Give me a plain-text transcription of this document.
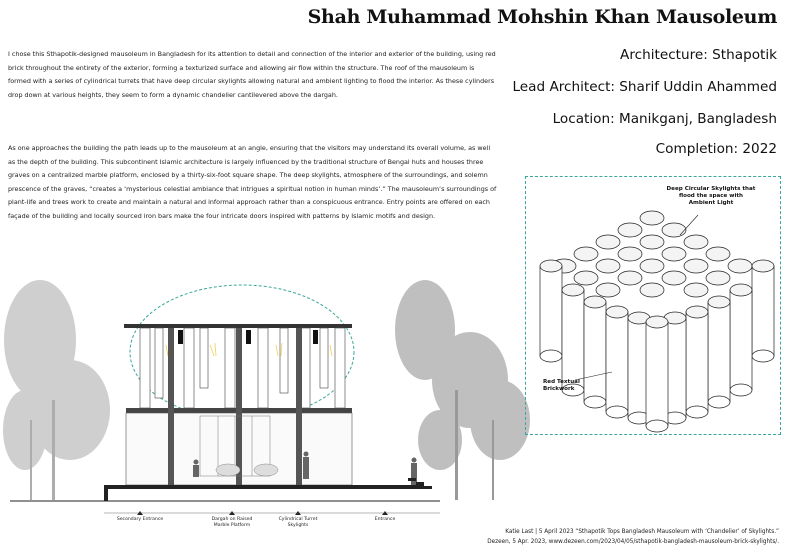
Shah Muhammad Mohshin Khan Mausoleum
I chose this Sthapotik-designed mausoleum in Bangladesh for its attention to detail and connection of the interior and exterior of the building, using red brick throughout the entirety of the exterior, forming a texturized surface and allowing air flow within the structure. The roof of the mausoleum is formed with a series of cylindrical turrets that have deep circular skylights allowing natural and ambient lighting to flood the interior. As these cylinders drop down at various heights, they seem to form a dynamic chandelier cantilevered above the dargah.
As one approaches the building the path leads up to the mausoleum at an angle, ensuring that the visitors may understand its overall volume, as well as the depth of the building. This subcontinent Islamic architecture is largely influenced by the traditional structure of Bengal huts and houses three graves on a centralized marble platform, enclosed by a thirty-six-foot square shape. The deep skylights, atmosphere of the surroundings, and solemn prescence of the graves, “creates a ‘mysterious celestial ambiance that intrigues a spiritual notion in human minds’.” The mausoleum’s surroundings of plant-life and trees work to create and maintain a natural and informal approach rather than a conspicuous entrance. Entry points are offered on each façade of the building and locally sourced iron bars make the four intricate doors inspired with patterns by Islamic motifs and design.
Architecture: Sthapotik
Lead Architect: Sharif Uddin Ahammed
Location: Manikganj, Bangladesh
Completion: 2022
Deep Circular Skylights that flood the space with Ambient Light
Red Textual Brickwork
Secondary Entrance	Dargah on Raised Marble Platform
Cylindrical Turret Skylights
Entrance
Katie Last | 5 April 2023 “Sthapotik Tops Bangladesh Mausoleum with ‘Chandelier’ of Skylights.”
Dezeen, 5 Apr. 2023, www.dezeen.com/2023/04/05/sthapotik-bangladesh-mausoleum-brick-skylights/.
